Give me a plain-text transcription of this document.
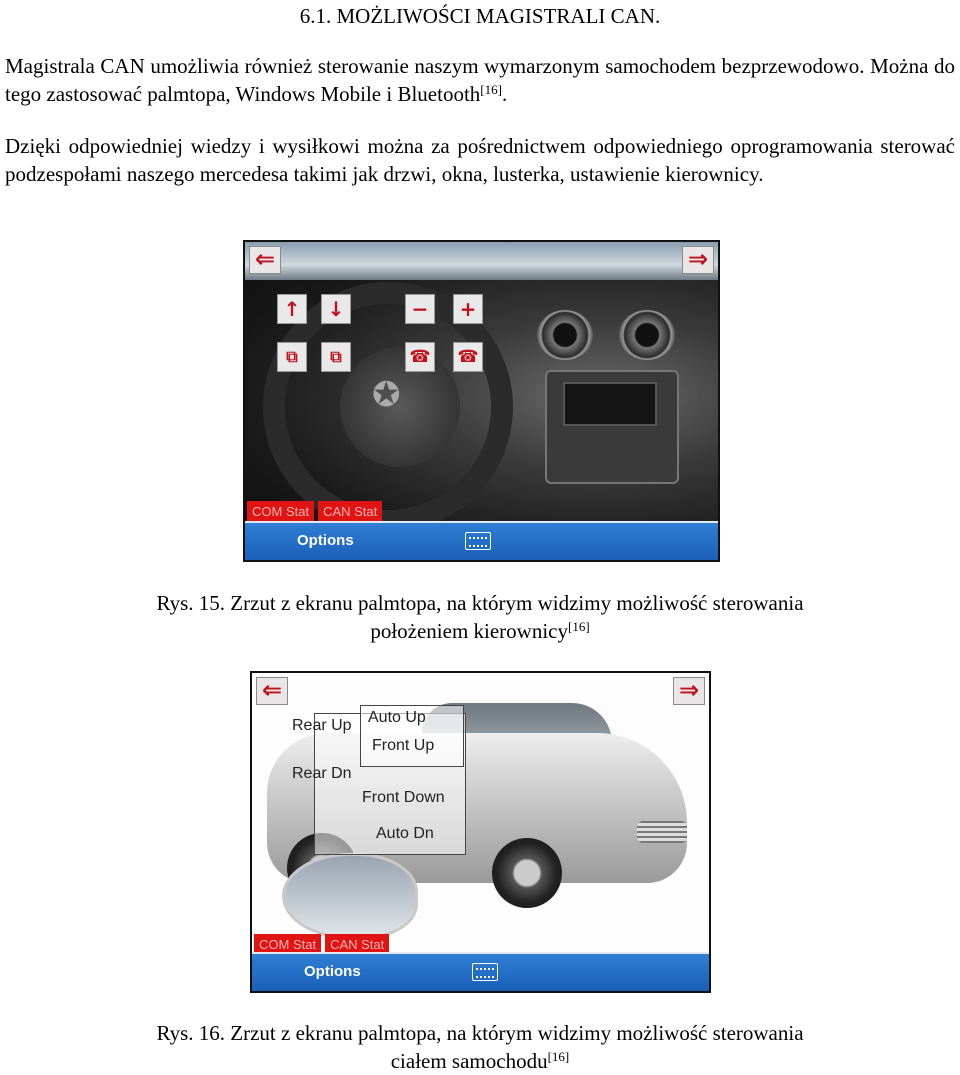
6.1. MOŻLIWOŚCI MAGISTRALI CAN.
Magistrala CAN umożliwia również sterowanie naszym wymarzonym samochodem bezprzewodowo. Można do tego zastosować palmtopa, Windows Mobile i Bluetooth[16].
Dzięki odpowiedniej wiedzy i wysiłkowi można za pośrednictwem odpowiedniego oprogramowania sterować podzespołami naszego mercedesa takimi jak drzwi, okna, lusterka, ustawienie kierownicy.
✪
⇐	⇒
↑	↓	−	+
⧉	⧉	☎ ☎
COM Stat	CAN Stat
Options
Rys. 15. Zrzut z ekranu palmtopa, na którym widzimy możliwość sterowania
położeniem kierownicy[16]
Rear Up Auto Up
Front Up
Rear Dn
Front Down
Auto Dn
⇐	⇒
COM Stat	CAN Stat
Options
Rys. 16. Zrzut z ekranu palmtopa, na którym widzimy możliwość sterowania
ciałem samochodu[16]
